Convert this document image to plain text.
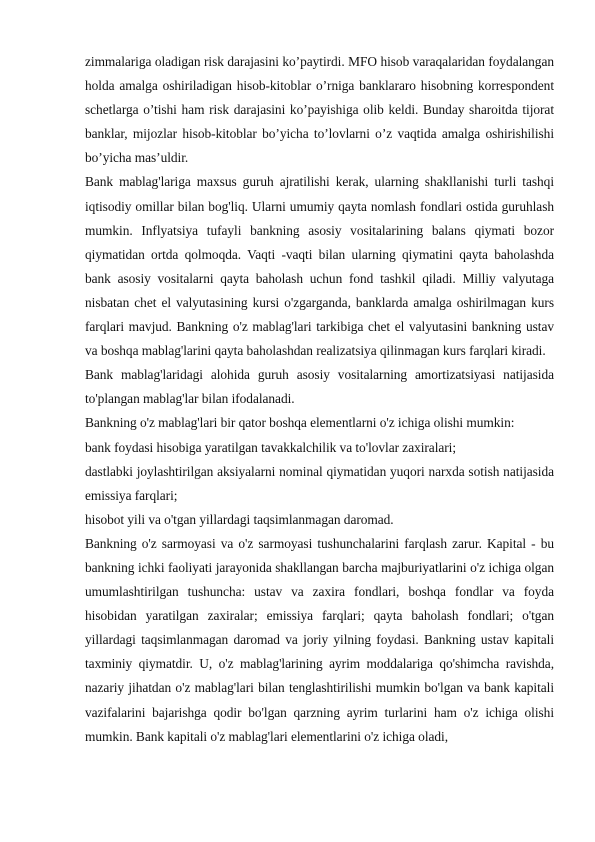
zimmalariga oladigan risk darajasini ko’paytirdi. MFO hisob varaqalaridan foydalangan holda amalga oshiriladigan hisob-kitoblar o’rniga banklararo hisobning korrespondent schetlarga o’tishi ham risk darajasini ko’payishiga olib keldi. Bunday sharoitda tijorat banklar, mijozlar hisob-kitoblar bo’yicha to’lovlarni o’z vaqtida amalga oshirishilishi bo’yicha mas’uldir.

Bank mablag'lariga maxsus guruh ajratilishi kerak, ularning shakllanishi turli tashqi iqtisodiy omillar bilan bog'liq. Ularni umumiy qayta nomlash fondlari ostida guruhlash mumkin. Inflyatsiya tufayli bankning asosiy vositalarining balans qiymati bozor qiymatidan ortda qolmoqda. Vaqti -vaqti bilan ularning qiymatini qayta baholashda bank asosiy vositalarni qayta baholash uchun fond tashkil qiladi. Milliy valyutaga nisbatan chet el valyutasining kursi o'zgarganda, banklarda amalga oshirilmagan kurs farqlari mavjud. Bankning o'z mablag'lari tarkibiga chet el valyutasini bankning ustav va boshqa mablag'larini qayta baholashdan realizatsiya qilinmagan kurs farqlari kiradi.

Bank mablag'laridagi alohida guruh asosiy vositalarning amortizatsiyasi natijasida to'plangan mablag'lar bilan ifodalanadi.

Bankning o'z mablag'lari bir qator boshqa elementlarni o'z ichiga olishi mumkin:

bank foydasi hisobiga yaratilgan tavakkalchilik va to'lovlar zaxiralari;

dastlabki joylashtirilgan aksiyalarni nominal qiymatidan yuqori narxda sotish natijasida emissiya farqlari;

hisobot yili va o'tgan yillardagi taqsimlanmagan daromad.

Bankning o'z sarmoyasi va o'z sarmoyasi tushunchalarini farqlash zarur. Kapital - bu bankning ichki faoliyati jarayonida shakllangan barcha majburiyatlarini o'z ichiga olgan umumlashtirilgan tushuncha: ustav va zaxira fondlari, boshqa fondlar va foyda hisobidan yaratilgan zaxiralar; emissiya farqlari; qayta baholash fondlari; o'tgan yillardagi taqsimlanmagan daromad va joriy yilning foydasi. Bankning ustav kapitali taxminiy qiymatdir. U, o'z mablag'larining ayrim moddalariga qo'shimcha ravishda, nazariy jihatdan o'z mablag'lari bilan tenglashtirilishi mumkin bo'lgan va bank kapitali vazifalarini bajarishga qodir bo'lgan qarzning ayrim turlarini ham o'z ichiga olishi mumkin. Bank kapitali o'z mablag'lari elementlarini o'z ichiga oladi,
